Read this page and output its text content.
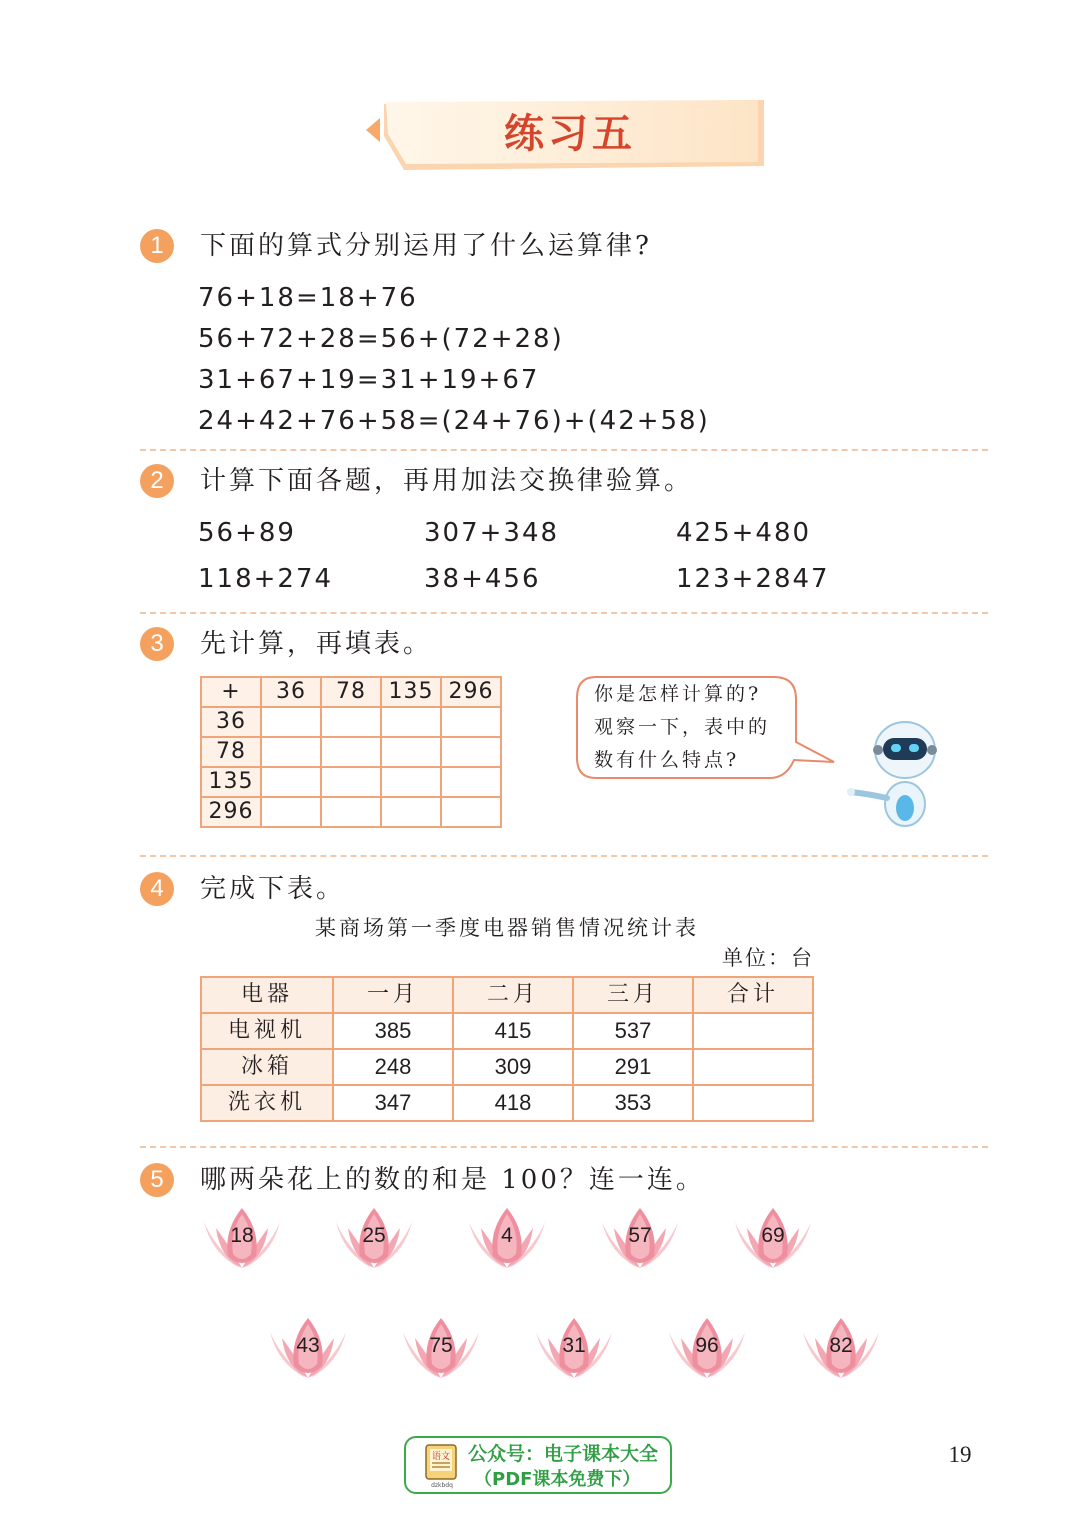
练习五
1	下面的算式分别运用了什么运算律?
76+18=18+76
56+72+28=56+(72+28)
31+67+19=31+19+67
24+42+76+58=(24+76)+(42+58)
2	计算下面各题，再用加法交换律验算。
56+89	307+348	425+480
118+274	38+456	123+2847
3	先计算，再填表。
+	36	78	135	296
36				
78				
135				
296				
你是怎样计算的?
观察一下，表中的
数有什么特点?
4	完成下表。
某商场第一季度电器销售情况统计表
单位：台
电器	一月	二月	三月	合计
电视机	385	415	537	
冰箱	248	309	291	
洗衣机	347	418	353	
5	哪两朵花上的数的和是 100？连一连。
18	25	4	57	69
43	75	31	96	82
语文
dzkbdq
公众号：电子课本大全
（PDF课本免费下）
19
